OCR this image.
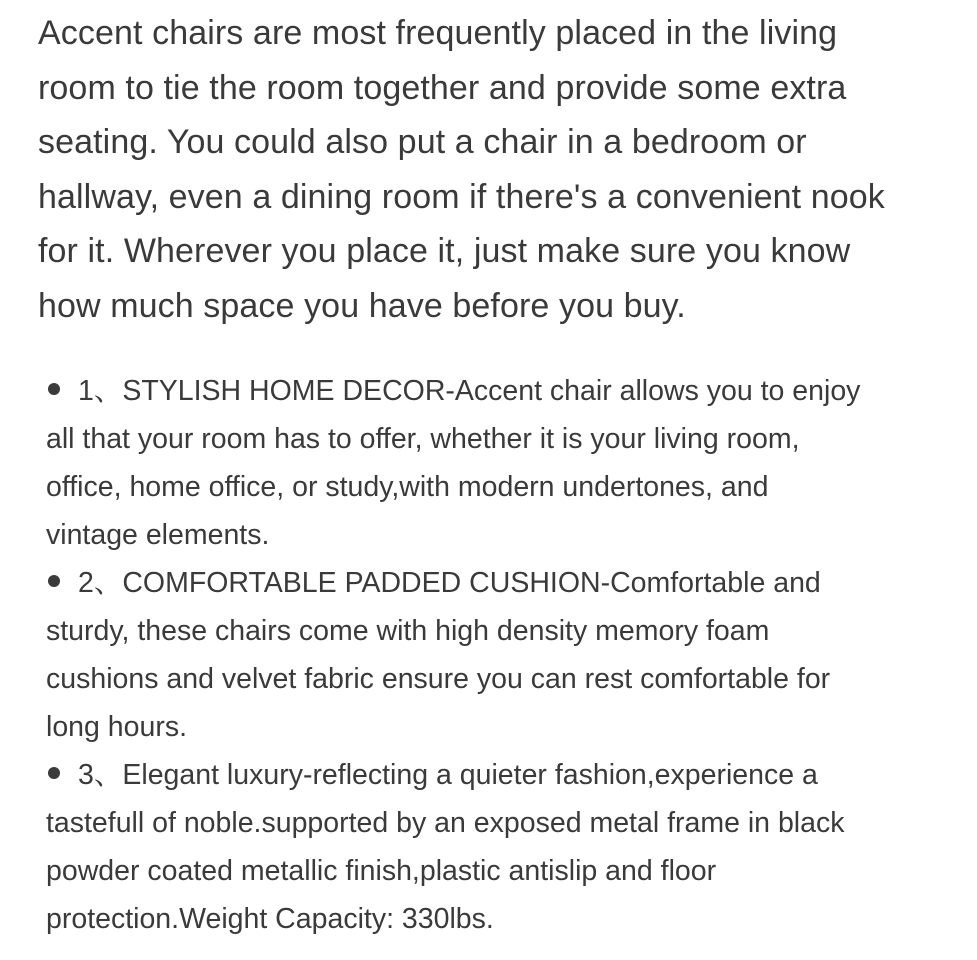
Accent chairs are most frequently placed in the living
room to tie the room together and provide some extra
seating. You could also put a chair in a bedroom or
hallway, even a dining room if there's a convenient nook
for it. Wherever you place it, just make sure you know
how much space you have before you buy.
1、STYLISH HOME DECOR-Accent chair allows you to enjoy
all that your room has to offer, whether it is your living room,
office, home office, or study,with modern undertones, and
vintage elements.
2、COMFORTABLE PADDED CUSHION-Comfortable and
sturdy, these chairs come with high density memory foam
cushions and velvet fabric ensure you can rest comfortable for
long hours.
3、Elegant luxury-reflecting a quieter fashion,experience a
tastefull of noble.supported by an exposed metal frame in black
powder coated metallic finish,plastic antislip and floor
protection.Weight Capacity: 330lbs.
